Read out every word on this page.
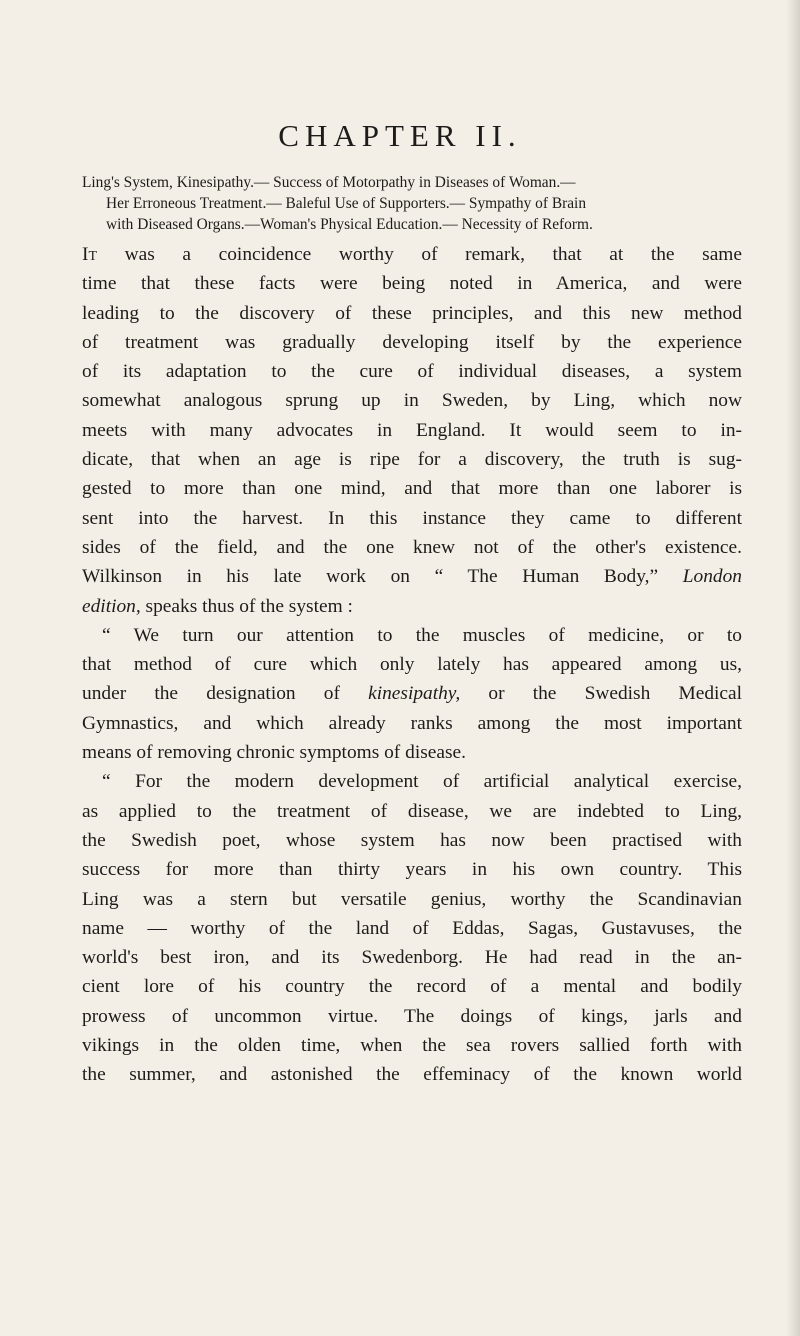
CHAPTER II.
Ling's System, Kinesipathy.— Success of Motorpathy in Diseases of Woman.—
Her Erroneous Treatment.— Baleful Use of Supporters.— Sympathy of Brain
with Diseased Organs.—Woman's Physical Education.— Necessity of Reform.
It was a coincidence worthy of remark, that at the same
time that these facts were being noted in America, and were
leading to the discovery of these principles, and this new method
of treatment was gradually developing itself by the experience
of its adaptation to the cure of individual diseases, a system
somewhat analogous sprung up in Sweden, by Ling, which now
meets with many advocates in England. It would seem to in-
dicate, that when an age is ripe for a discovery, the truth is sug-
gested to more than one mind, and that more than one laborer is
sent into the harvest. In this instance they came to different
sides of the field, and the one knew not of the other's existence.
Wilkinson in his late work on “ The Human Body,” London
edition, speaks thus of the system :
“ We turn our attention to the muscles of medicine, or to
that method of cure which only lately has appeared among us,
under the designation of kinesipathy, or the Swedish Medical
Gymnastics, and which already ranks among the most important
means of removing chronic symptoms of disease.
“ For the modern development of artificial analytical exercise,
as applied to the treatment of disease, we are indebted to Ling,
the Swedish poet, whose system has now been practised with
success for more than thirty years in his own country. This
Ling was a stern but versatile genius, worthy the Scandinavian
name — worthy of the land of Eddas, Sagas, Gustavuses, the
world's best iron, and its Swedenborg. He had read in the an-
cient lore of his country the record of a mental and bodily
prowess of uncommon virtue. The doings of kings, jarls and
vikings in the olden time, when the sea rovers sallied forth with
the summer, and astonished the effeminacy of the known world
